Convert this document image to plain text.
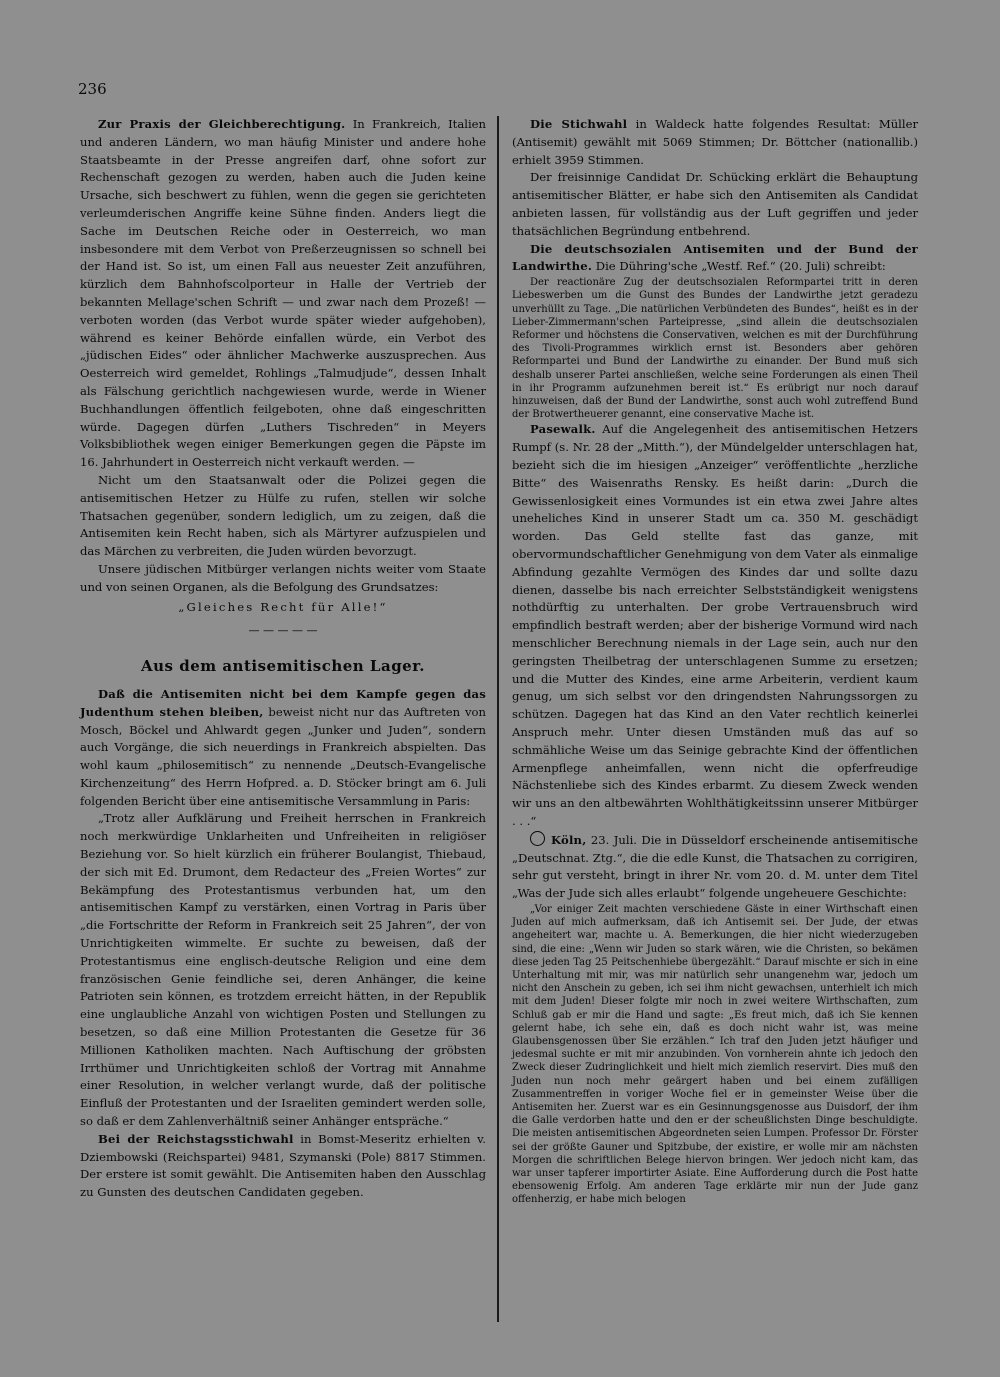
236

Zur Praxis der Gleichberechtigung. In Frankreich, Italien und anderen Ländern, wo man häufig Minister und andere hohe Staatsbeamte in der Presse angreifen darf, ohne sofort zur Rechenschaft gezogen zu werden, haben auch die Juden keine Ursache, sich beschwert zu fühlen, wenn die gegen sie gerichteten verleumderischen Angriffe keine Sühne finden. Anders liegt die Sache im Deutschen Reiche oder in Oesterreich, wo man insbesondere mit dem Verbot von Preßerzeugnissen so schnell bei der Hand ist. So ist, um einen Fall aus neuester Zeit anzuführen, kürzlich dem Bahnhofscolporteur in Halle der Vertrieb der bekannten Mellage'schen Schrift — und zwar nach dem Prozeß! — verboten worden (das Verbot wurde später wieder aufgehoben), während es keiner Behörde einfallen würde, ein Verbot des „jüdischen Eides“ oder ähnlicher Machwerke auszusprechen. Aus Oesterreich wird gemeldet, Rohlings „Talmudjude“, dessen Inhalt als Fälschung gerichtlich nachgewiesen wurde, werde in Wiener Buchhandlungen öffentlich feilgeboten, ohne daß eingeschritten würde. Dagegen dürfen „Luthers Tischreden“ in Meyers Volksbibliothek wegen einiger Bemerkungen gegen die Päpste im 16. Jahrhundert in Oesterreich nicht verkauft werden. —

Nicht um den Staatsanwalt oder die Polizei gegen die antisemitischen Hetzer zu Hülfe zu rufen, stellen wir solche Thatsachen gegenüber, sondern lediglich, um zu zeigen, daß die Antisemiten kein Recht haben, sich als Märtyrer aufzuspielen und das Märchen zu verbreiten, die Juden würden bevorzugt.

Unsere jüdischen Mitbürger verlangen nichts weiter vom Staate und von seinen Organen, als die Befolgung des Grundsatzes:

„Gleiches Recht für Alle!“

— — — — —
Aus dem antisemitischen Lager.

Daß die Antisemiten nicht bei dem Kampfe gegen das Judenthum stehen bleiben, beweist nicht nur das Auftreten von Mosch, Böckel und Ahlwardt gegen „Junker und Juden“, sondern auch Vorgänge, die sich neuerdings in Frankreich abspielten. Das wohl kaum „philosemitisch“ zu nennende „Deutsch-Evangelische Kirchenzeitung“ des Herrn Hofpred. a. D. Stöcker bringt am 6. Juli folgenden Bericht über eine antisemitische Versammlung in Paris:

„Trotz aller Aufklärung und Freiheit herrschen in Frankreich noch merkwürdige Unklarheiten und Unfreiheiten in religiöser Beziehung vor. So hielt kürzlich ein früherer Boulangist, Thiebaud, der sich mit Ed. Drumont, dem Redacteur des „Freien Wortes“ zur Bekämpfung des Protestantismus verbunden hat, um den antisemitischen Kampf zu verstärken, einen Vortrag in Paris über „die Fortschritte der Reform in Frankreich seit 25 Jahren“, der von Unrichtigkeiten wimmelte. Er suchte zu beweisen, daß der Protestantismus eine englisch-deutsche Religion und eine dem französischen Genie feindliche sei, deren Anhänger, die keine Patrioten sein können, es trotzdem erreicht hätten, in der Republik eine unglaubliche Anzahl von wichtigen Posten und Stellungen zu besetzen, so daß eine Million Protestanten die Gesetze für 36 Millionen Katholiken machten. Nach Auftischung der gröbsten Irrthümer und Unrichtigkeiten schloß der Vortrag mit Annahme einer Resolution, in welcher verlangt wurde, daß der politische Einfluß der Protestanten und der Israeliten gemindert werden solle, so daß er dem Zahlenverhältniß seiner Anhänger entspräche.“

Bei der Reichstagsstichwahl in Bomst-Meseritz erhielten v. Dziembowski (Reichspartei) 9481, Szymanski (Pole) 8817 Stimmen. Der erstere ist somit gewählt. Die Antisemiten haben den Ausschlag zu Gunsten des deutschen Candidaten gegeben.

Die Stichwahl in Waldeck hatte folgendes Resultat: Müller (Antisemit) gewählt mit 5069 Stimmen; Dr. Böttcher (nationallib.) erhielt 3959 Stimmen.

Der freisinnige Candidat Dr. Schücking erklärt die Behauptung antisemitischer Blätter, er habe sich den Antisemiten als Candidat anbieten lassen, für vollständig aus der Luft gegriffen und jeder thatsächlichen Begründung entbehrend.

Die deutschsozialen Antisemiten und der Bund der Landwirthe. Die Dühring'sche „Westf. Ref.“ (20. Juli) schreibt:

Der reactionäre Zug der deutschsozialen Reformpartei tritt in deren Liebeswerben um die Gunst des Bundes der Landwirthe jetzt geradezu unverhüllt zu Tage. „Die natürlichen Verbündeten des Bundes“, heißt es in der Lieber-Zimmermann'schen Parteipresse, „sind allein die deutschsozialen Reformer und höchstens die Conservativen, welchen es mit der Durchführung des Tivoli-Programmes wirklich ernst ist. Besonders aber gehören Reformpartei und Bund der Landwirthe zu einander. Der Bund muß sich deshalb unserer Partei anschließen, welche seine Forderungen als einen Theil in ihr Programm aufzunehmen bereit ist.“ Es erübrigt nur noch darauf hinzuweisen, daß der Bund der Landwirthe, sonst auch wohl zutreffend Bund der Brotwertheuerer genannt, eine conservative Mache ist.

Pasewalk. Auf die Angelegenheit des antisemitischen Hetzers Rumpf (s. Nr. 28 der „Mitth.“), der Mündelgelder unterschlagen hat, bezieht sich die im hiesigen „Anzeiger“ veröffentlichte „herzliche Bitte“ des Waisenraths Rensky. Es heißt darin: „Durch die Gewissenlosigkeit eines Vormundes ist ein etwa zwei Jahre altes uneheliches Kind in unserer Stadt um ca. 350 M. geschädigt worden. Das Geld stellte fast das ganze, mit obervormundschaftlicher Genehmigung von dem Vater als einmalige Abfindung gezahlte Vermögen des Kindes dar und sollte dazu dienen, dasselbe bis nach erreichter Selbstständigkeit wenigstens nothdürftig zu unterhalten. Der grobe Vertrauensbruch wird empfindlich bestraft werden; aber der bisherige Vormund wird nach menschlicher Berechnung niemals in der Lage sein, auch nur den geringsten Theilbetrag der unterschlagenen Summe zu ersetzen; und die Mutter des Kindes, eine arme Arbeiterin, verdient kaum genug, um sich selbst vor den dringendsten Nahrungssorgen zu schützen. Dagegen hat das Kind an den Vater rechtlich keinerlei Anspruch mehr. Unter diesen Umständen muß das auf so schmähliche Weise um das Seinige gebrachte Kind der öffentlichen Armenpflege anheimfallen, wenn nicht die opferfreudige Nächstenliebe sich des Kindes erbarmt. Zu diesem Zweck wenden wir uns an den altbewährten Wohlthätigkeitssinn unserer Mitbürger . . .“

Köln, 23. Juli. Die in Düsseldorf erscheinende antisemitische „Deutschnat. Ztg.“, die die edle Kunst, die Thatsachen zu corrigiren, sehr gut versteht, bringt in ihrer Nr. vom 20. d. M. unter dem Titel „Was der Jude sich alles erlaubt“ folgende ungeheuere Geschichte:

„Vor einiger Zeit machten verschiedene Gäste in einer Wirthschaft einen Juden auf mich aufmerksam, daß ich Antisemit sei. Der Jude, der etwas angeheitert war, machte u. A. Bemerkungen, die hier nicht wiederzugeben sind, die eine: „Wenn wir Juden so stark wären, wie die Christen, so bekämen diese jeden Tag 25 Peitschenhiebe übergezählt.“ Darauf mischte er sich in eine Unterhaltung mit mir, was mir natürlich sehr unangenehm war, jedoch um nicht den Anschein zu geben, ich sei ihm nicht gewachsen, unterhielt ich mich mit dem Juden! Dieser folgte mir noch in zwei weitere Wirthschaften, zum Schluß gab er mir die Hand und sagte: „Es freut mich, daß ich Sie kennen gelernt habe, ich sehe ein, daß es doch nicht wahr ist, was meine Glaubensgenossen über Sie erzählen.“ Ich traf den Juden jetzt häufiger und jedesmal suchte er mit mir anzubinden. Von vornherein ahnte ich jedoch den Zweck dieser Zudringlichkeit und hielt mich ziemlich reservirt. Dies muß den Juden nun noch mehr geärgert haben und bei einem zufälligen Zusammentreffen in voriger Woche fiel er in gemeinster Weise über die Antisemiten her. Zuerst war es ein Gesinnungsgenosse aus Duisdorf, der ihm die Galle verdorben hatte und den er der scheußlichsten Dinge beschuldigte. Die meisten antisemitischen Abgeordneten seien Lumpen. Professor Dr. Förster sei der größte Gauner und Spitzbube, der existire, er wolle mir am nächsten Morgen die schriftlichen Belege hiervon bringen. Wer jedoch nicht kam, das war unser tapferer importirter Asiate. Eine Aufforderung durch die Post hatte ebensowenig Erfolg. Am anderen Tage erklärte mir nun der Jude ganz offenherzig, er habe mich belogen
